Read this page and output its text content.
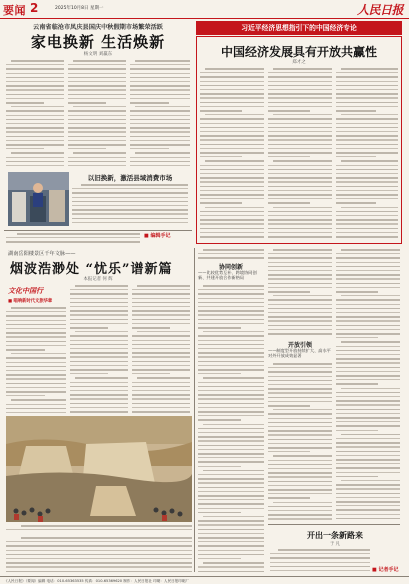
要闻 2	2025年10月8日 星期一	人民日报
云南省临沧市凤庆县国庆中秋假期市场繁荣活跃
家电换新 生活焕新
杨文明 刘赢东
以旧换新，激活县域消费市场
习近平经济思想指引下的中国经济专论
中国经济发展具有开放共赢性
郑才之
■ 编辑手记
湖南岳阳楼景区千年文脉——
烟波浩渺处 “忧乐”谱新篇
本报记者 何 辉
文化中国行
■ 唱响新时代文旅华章
协同创新
——比较优势互补、跨境协同创新、共建开放合作新格局
开放引领
——制度型开放持续扩大、高水平对外开放成效显著
开出一条新路来
于 凡
■ 记者手记
《人民日报》（要闻）编辑 电话：010-65363535 传真：010-65369620 制作：人民日报社 印刷：人民日报印刷厂
